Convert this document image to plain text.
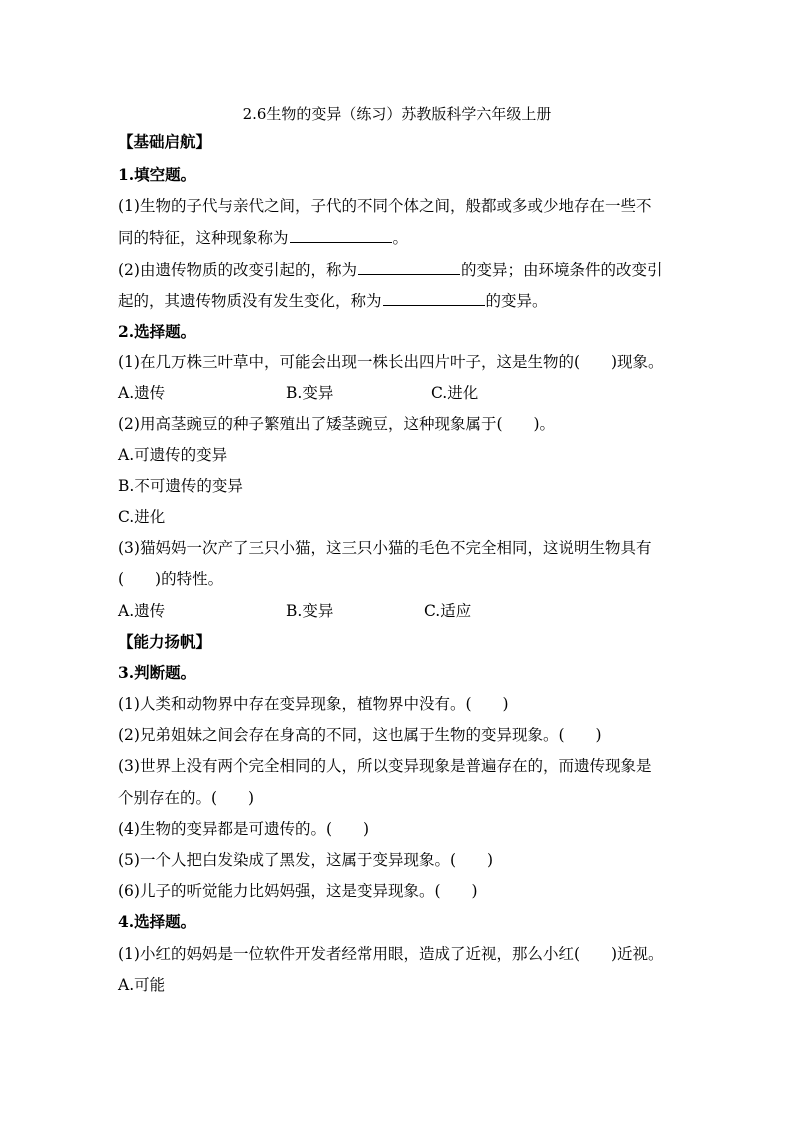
2.6生物的变异（练习）苏教版科学六年级上册
【基础启航】
1.填空题。
(1)生物的子代与亲代之间，子代的不同个体之间，般都或多或少地存在一些不
同的特征，这种现象称为	。
(2)由遗传物质的改变引起的，称为	的变异；由环境条件的改变引
起的，其遗传物质没有发生变化，称为	的变异。
2.选择题。
(1)在几万株三叶草中，可能会出现一株长出四片叶子，这是生物的(　　)现象。
A.遗传	B.变异	C.进化
(2)用高茎豌豆的种子繁殖出了矮茎豌豆，这种现象属于(　　)。
A.可遗传的变异
B.不可遗传的变异
C.进化
(3)猫妈妈一次产了三只小猫，这三只小猫的毛色不完全相同，这说明生物具有
(　　)的特性。
A.遗传	B.变异	C.适应
【能力扬帆】
3.判断题。
(1)人类和动物界中存在变异现象，植物界中没有。(　　)
(2)兄弟姐妹之间会存在身高的不同，这也属于生物的变异现象。(　　)
(3)世界上没有两个完全相同的人，所以变异现象是普遍存在的，而遗传现象是
个别存在的。(　　)
(4)生物的变异都是可遗传的。(　　)
(5)一个人把白发染成了黑发，这属于变异现象。(　　)
(6)儿子的听觉能力比妈妈强，这是变异现象。(　　)
4.选择题。
(1)小红的妈妈是一位软件开发者经常用眼，造成了近视，那么小红(　　)近视。
A.可能
